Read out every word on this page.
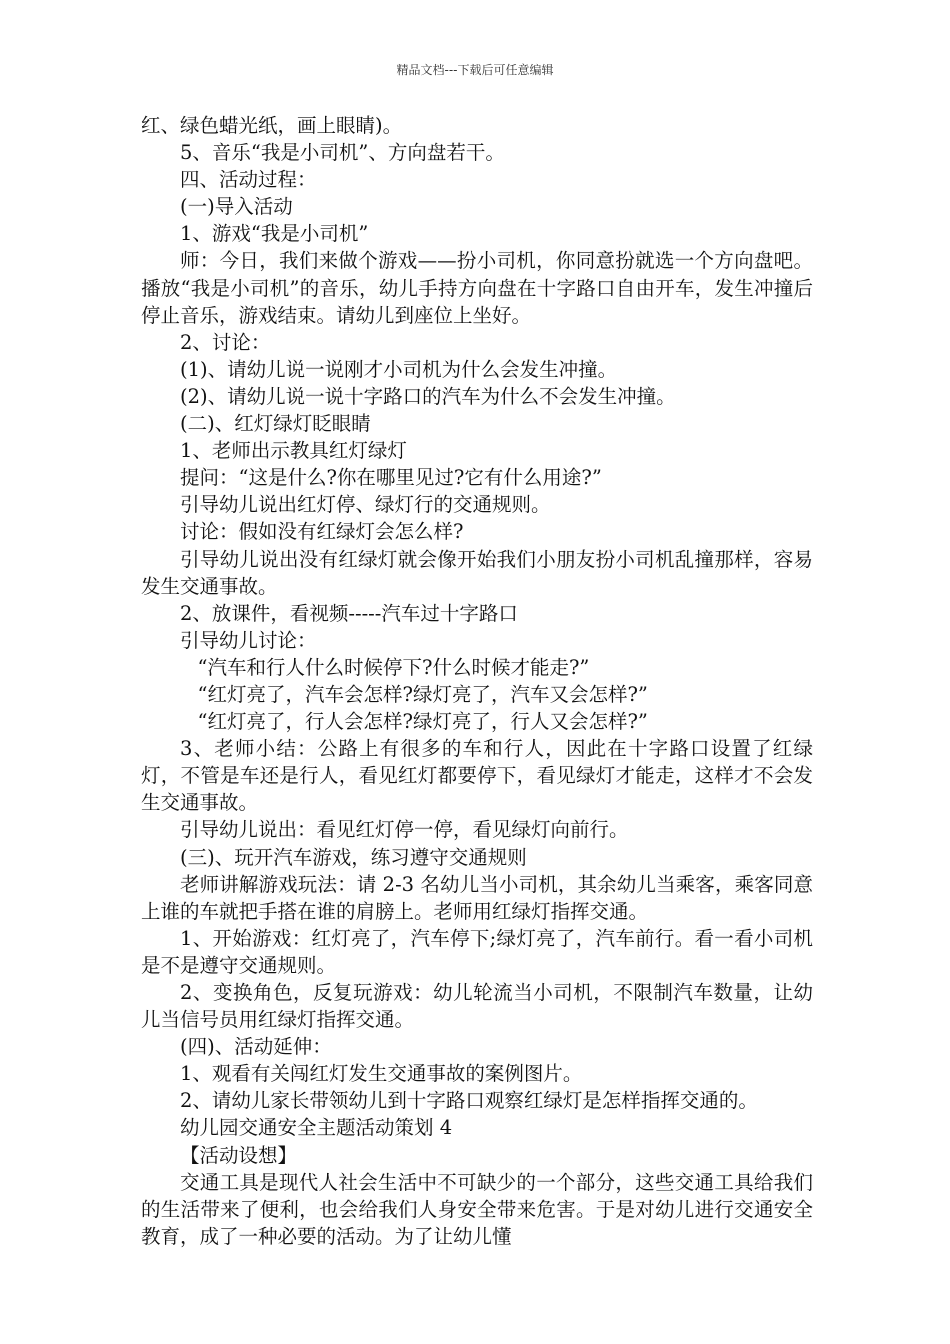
精品文档---下载后可任意编辑

红、绿色蜡光纸，画上眼睛)。

5、音乐“我是小司机”、方向盘若干。

四、活动过程：

(一)导入活动

1、游戏“我是小司机”

师：今日，我们来做个游戏——扮小司机，你同意扮就选一个方向盘吧。播放“我是小司机”的音乐，幼儿手持方向盘在十字路口自由开车，发生冲撞后停止音乐，游戏结束。请幼儿到座位上坐好。

2、讨论：

(1)、请幼儿说一说刚才小司机为什么会发生冲撞。

(2)、请幼儿说一说十字路口的汽车为什么不会发生冲撞。

(二)、红灯绿灯眨眼睛

1、老师出示教具红灯绿灯

提问：“这是什么?你在哪里见过?它有什么用途?”

引导幼儿说出红灯停、绿灯行的交通规则。

讨论：假如没有红绿灯会怎么样?

引导幼儿说出没有红绿灯就会像开始我们小朋友扮小司机乱撞那样，容易发生交通事故。

2、放课件，看视频-----汽车过十字路口

引导幼儿讨论：

“汽车和行人什么时候停下?什么时候才能走?”

“红灯亮了，汽车会怎样?绿灯亮了，汽车又会怎样?”

“红灯亮了，行人会怎样?绿灯亮了，行人又会怎样?”

3、老师小结：公路上有很多的车和行人，因此在十字路口设置了红绿灯，不管是车还是行人，看见红灯都要停下，看见绿灯才能走，这样才不会发生交通事故。

引导幼儿说出：看见红灯停一停，看见绿灯向前行。

(三)、玩开汽车游戏，练习遵守交通规则

老师讲解游戏玩法：请 2-3 名幼儿当小司机，其余幼儿当乘客，乘客同意上谁的车就把手搭在谁的肩膀上。老师用红绿灯指挥交通。

1、开始游戏：红灯亮了，汽车停下;绿灯亮了，汽车前行。看一看小司机是不是遵守交通规则。

2、变换角色，反复玩游戏：幼儿轮流当小司机，不限制汽车数量，让幼儿当信号员用红绿灯指挥交通。

(四)、活动延伸：

1、观看有关闯红灯发生交通事故的案例图片。

2、请幼儿家长带领幼儿到十字路口观察红绿灯是怎样指挥交通的。

幼儿园交通安全主题活动策划 4

【活动设想】

交通工具是现代人社会生活中不可缺少的一个部分，这些交通工具给我们的生活带来了便利，也会给我们人身安全带来危害。于是对幼儿进行交通安全教育，成了一种必要的活动。为了让幼儿懂
